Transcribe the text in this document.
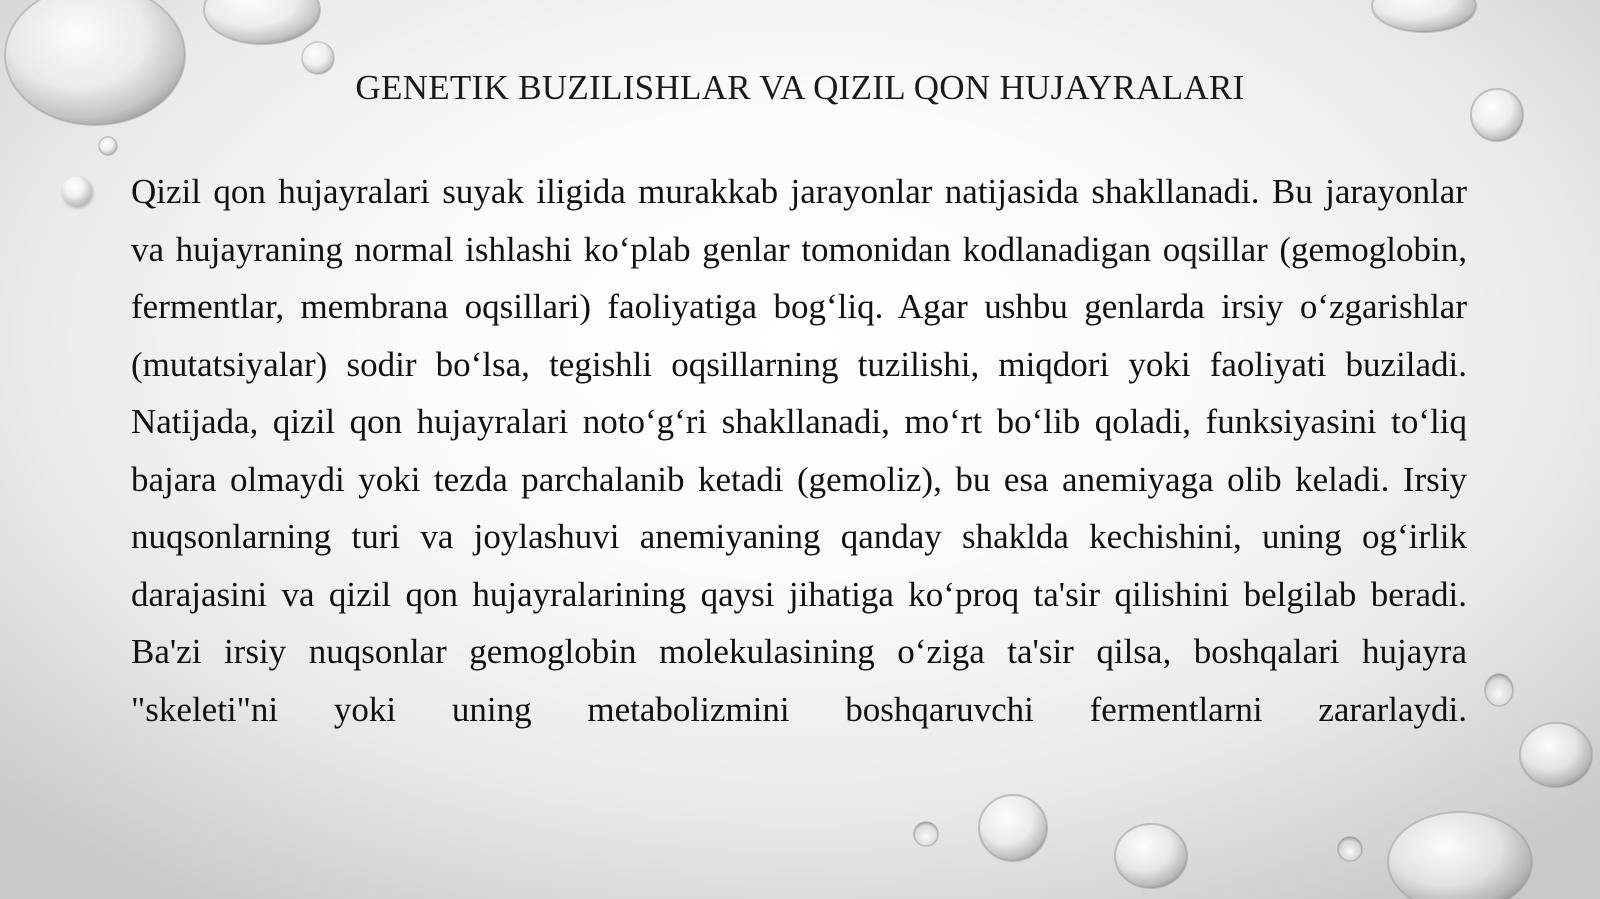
GENETIK BUZILISHLAR VA QIZIL QON HUJAYRALARI

Qizil qon hujayralari suyak iligida murakkab jarayonlar natijasida shakllanadi. Bu jarayonlar va hujayraning normal ishlashi ko‘plab genlar tomonidan kodlanadigan oqsillar (gemoglobin, fermentlar, membrana oqsillari) faoliyatiga bog‘liq. Agar ushbu genlarda irsiy o‘zgarishlar (mutatsiyalar) sodir bo‘lsa, tegishli oqsillarning tuzilishi, miqdori yoki faoliyati buziladi. Natijada, qizil qon hujayralari noto‘g‘ri shakllanadi, mo‘rt bo‘lib qoladi, funksiyasini to‘liq bajara olmaydi yoki tezda parchalanib ketadi (gemoliz), bu esa anemiyaga olib keladi. Irsiy nuqsonlarning turi va joylashuvi anemiyaning qanday shaklda kechishini, uning og‘irlik darajasini va qizil qon hujayralarining qaysi jihatiga ko‘proq ta'sir qilishini belgilab beradi. Ba'zi irsiy nuqsonlar gemoglobin molekulasining o‘ziga ta'sir qilsa, boshqalari hujayra "skeleti"ni yoki uning metabolizmini boshqaruvchi fermentlarni zararlaydi.
